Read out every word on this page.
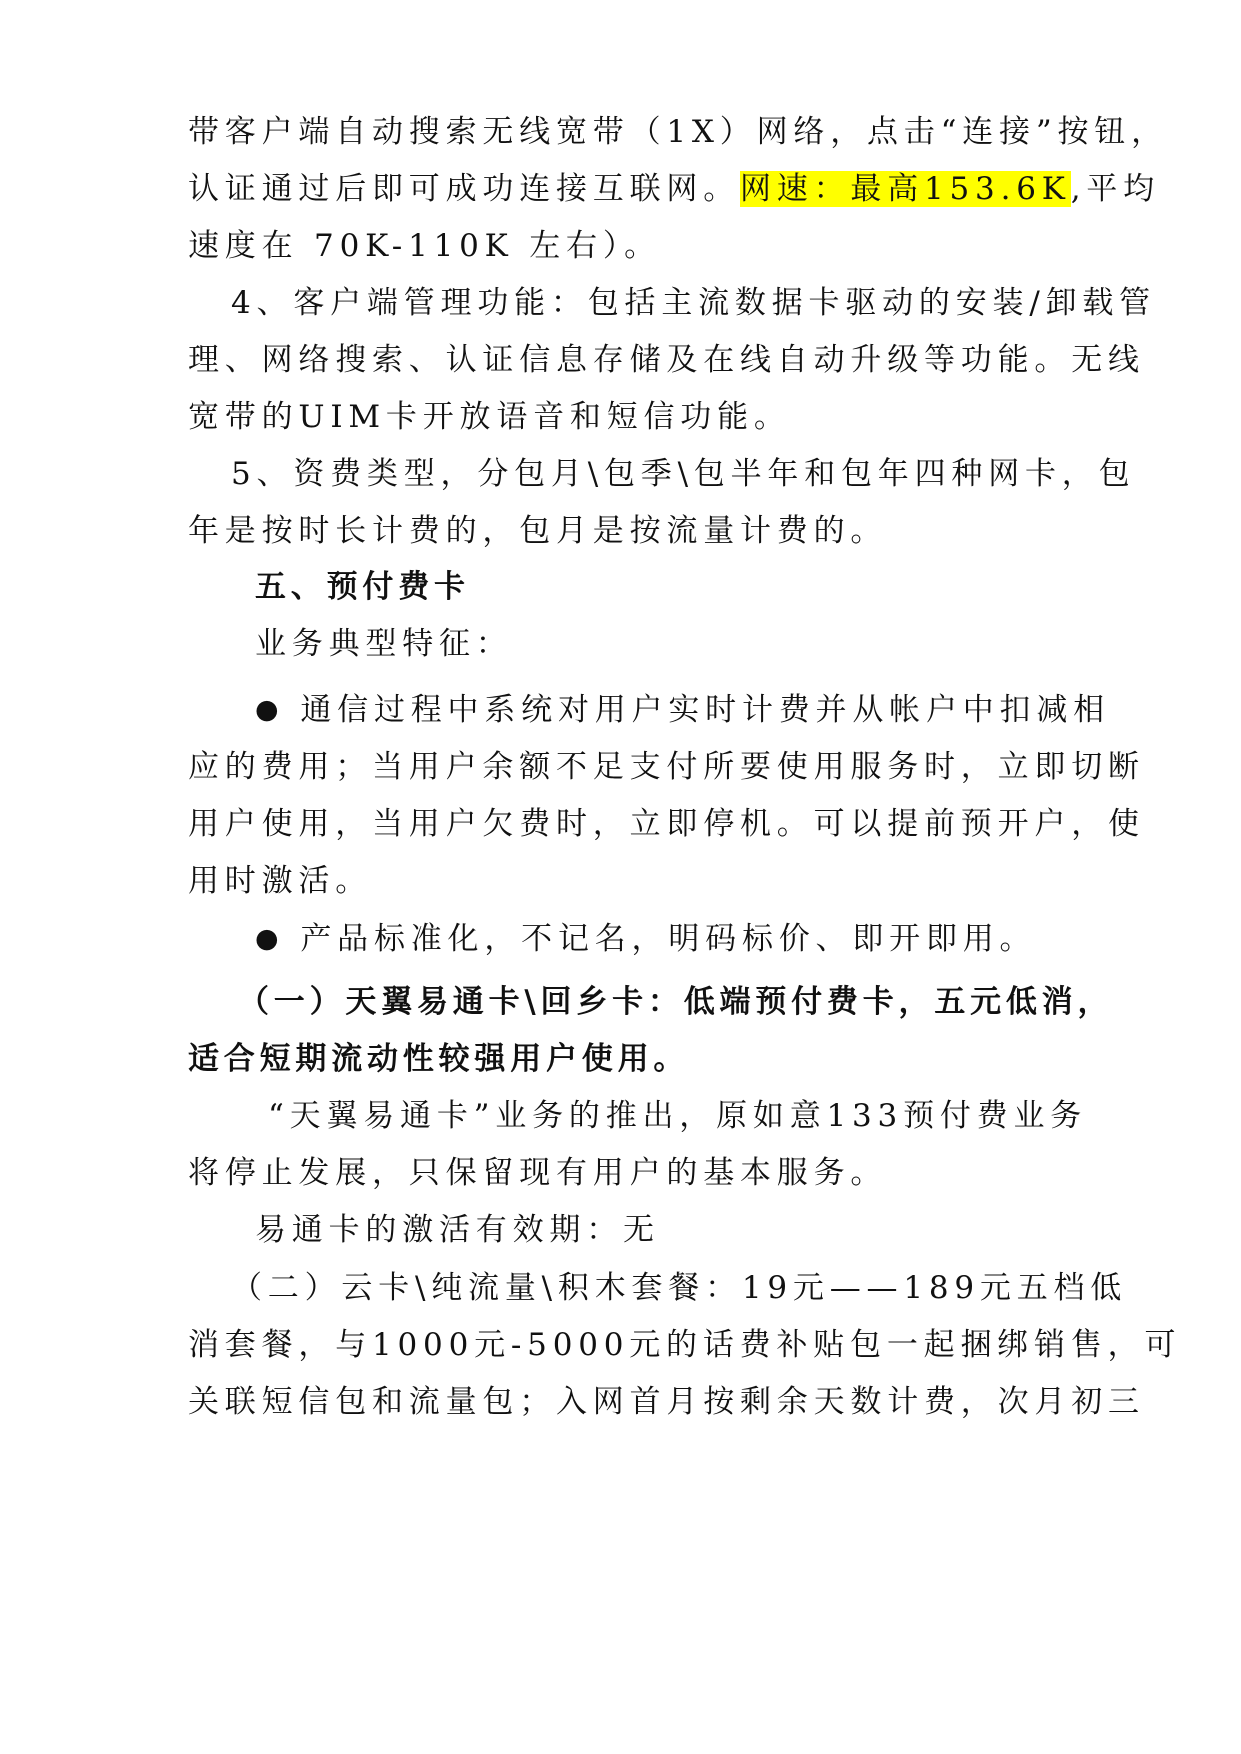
带客户端自动搜索无线宽带（1X）网络，点击“连接”按钮，
认证通过后即可成功连接互联网。网速：最高153.6K,平均
速度在 70K-110K 左右）。
4、客户端管理功能：包括主流数据卡驱动的安装/卸载管
理、网络搜索、认证信息存储及在线自动升级等功能。无线
宽带的UIM卡开放语音和短信功能。
5、资费类型，分包月\包季\包半年和包年四种网卡，包
年是按时长计费的，包月是按流量计费的。
五、预付费卡
业务典型特征：
● 通信过程中系统对用户实时计费并从帐户中扣减相
应的费用；当用户余额不足支付所要使用服务时，立即切断
用户使用，当用户欠费时，立即停机。可以提前预开户，使
用时激活。
● 产品标准化，不记名，明码标价、即开即用。
（一）天翼易通卡\回乡卡：低端预付费卡，五元低消，
适合短期流动性较强用户使用。
“天翼易通卡”业务的推出，原如意133预付费业务
将停止发展，只保留现有用户的基本服务。
易通卡的激活有效期：无
（二）云卡\纯流量\积木套餐：19元——189元五档低
消套餐，与1000元-5000元的话费补贴包一起捆绑销售，可
关联短信包和流量包；入网首月按剩余天数计费，次月初三
